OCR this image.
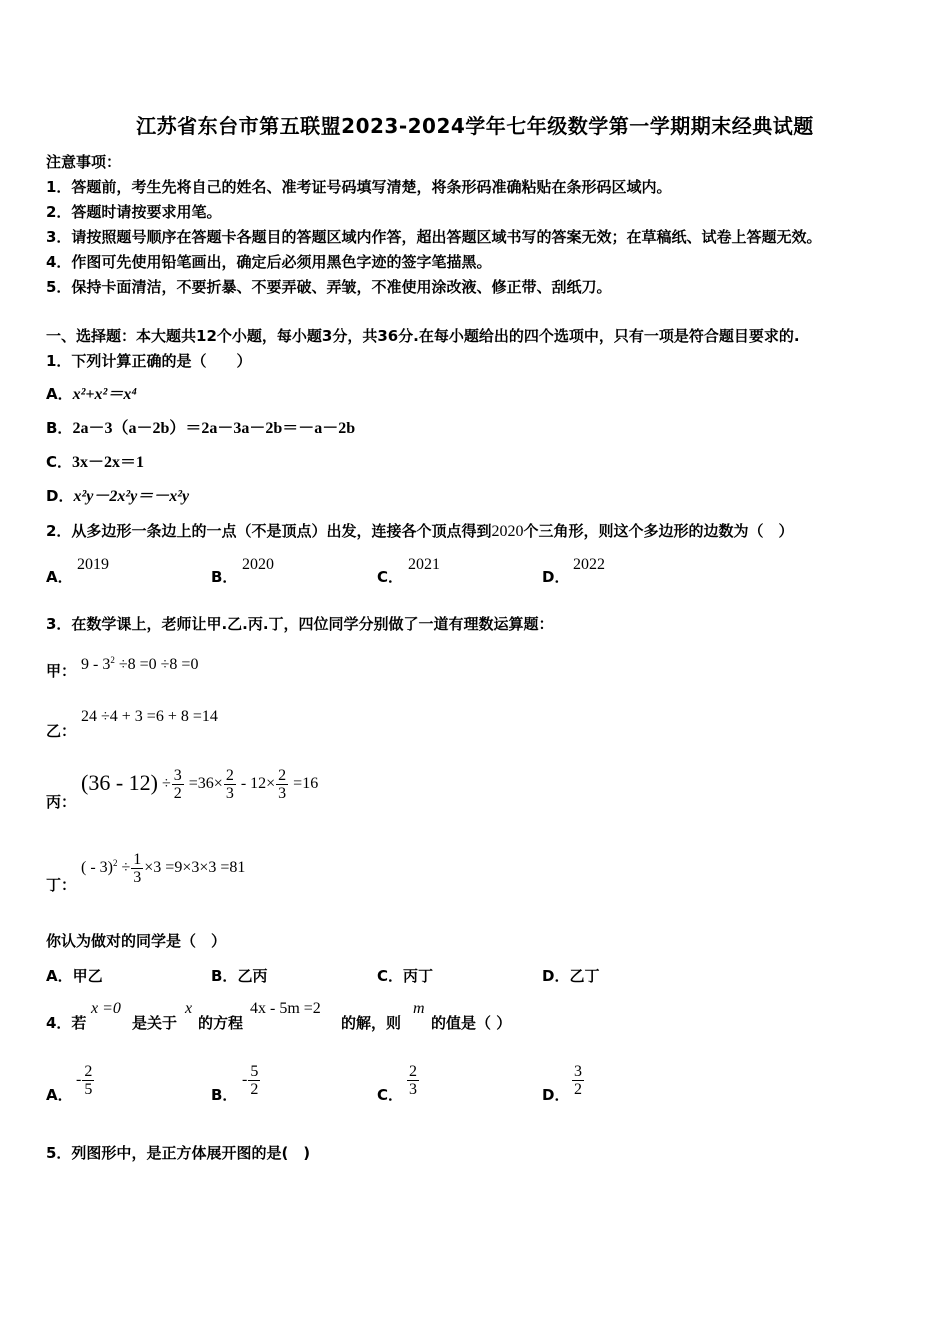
江苏省东台市第五联盟2023-2024学年七年级数学第一学期期末经典试题
注意事项：
1．答题前，考生先将自己的姓名、准考证号码填写清楚，将条形码准确粘贴在条形码区域内。
2．答题时请按要求用笔。
3．请按照题号顺序在答题卡各题目的答题区域内作答，超出答题区域书写的答案无效；在草稿纸、试卷上答题无效。
4．作图可先使用铅笔画出，确定后必须用黑色字迹的签字笔描黑。
5．保持卡面清洁，不要折暴、不要弄破、弄皱，不准使用涂改液、修正带、刮纸刀。
一、选择题：本大题共12个小题，每小题3分，共36分.在每小题给出的四个选项中，只有一项是符合题目要求的.
1．下列计算正确的是（　　）
A．x²+x²＝x⁴
B．2a－3（a－2b）＝2a－3a－2b＝－a－2b
C．3x－2x＝1
D．x²y－2x²y＝－x²y
2．从多边形一条边上的一点（不是顶点）出发，连接各个顶点得到2020个三角形，则这个多边形的边数为（　）
A．
2019
B．
2020
C．
2021
D．
2022
3．在数学课上，老师让甲.乙.丙.丁，四位同学分别做了一道有理数运算题：
甲： $9 - 3^2 \div 8 =0 \div 8 =0$
乙：
24 ÷4 + 3 =6 + 8 =14
丙：
$(36 - 12) \div \frac{3}{2} =36\times \frac{2}{3} - 12\times \frac{2}{3} =16$
丁：
( - $3)^2 \div \frac{1}{3} \times 3 =9\times 3\times 3 =81$
你认为做对的同学是（　）
A．甲乙	B．乙丙	C．丙丁	D．乙丁
4．若
x =0
是关于
x
的方程
4x - 5m =2
的解，则
m
的值是（ ）
A．
- $\frac{2}{5}$	B．
- $\frac{5}{2}$	C． $\frac{2}{3}$	D． $\frac{3}{2}$
5．列图形中，是正方体展开图的是(　)
